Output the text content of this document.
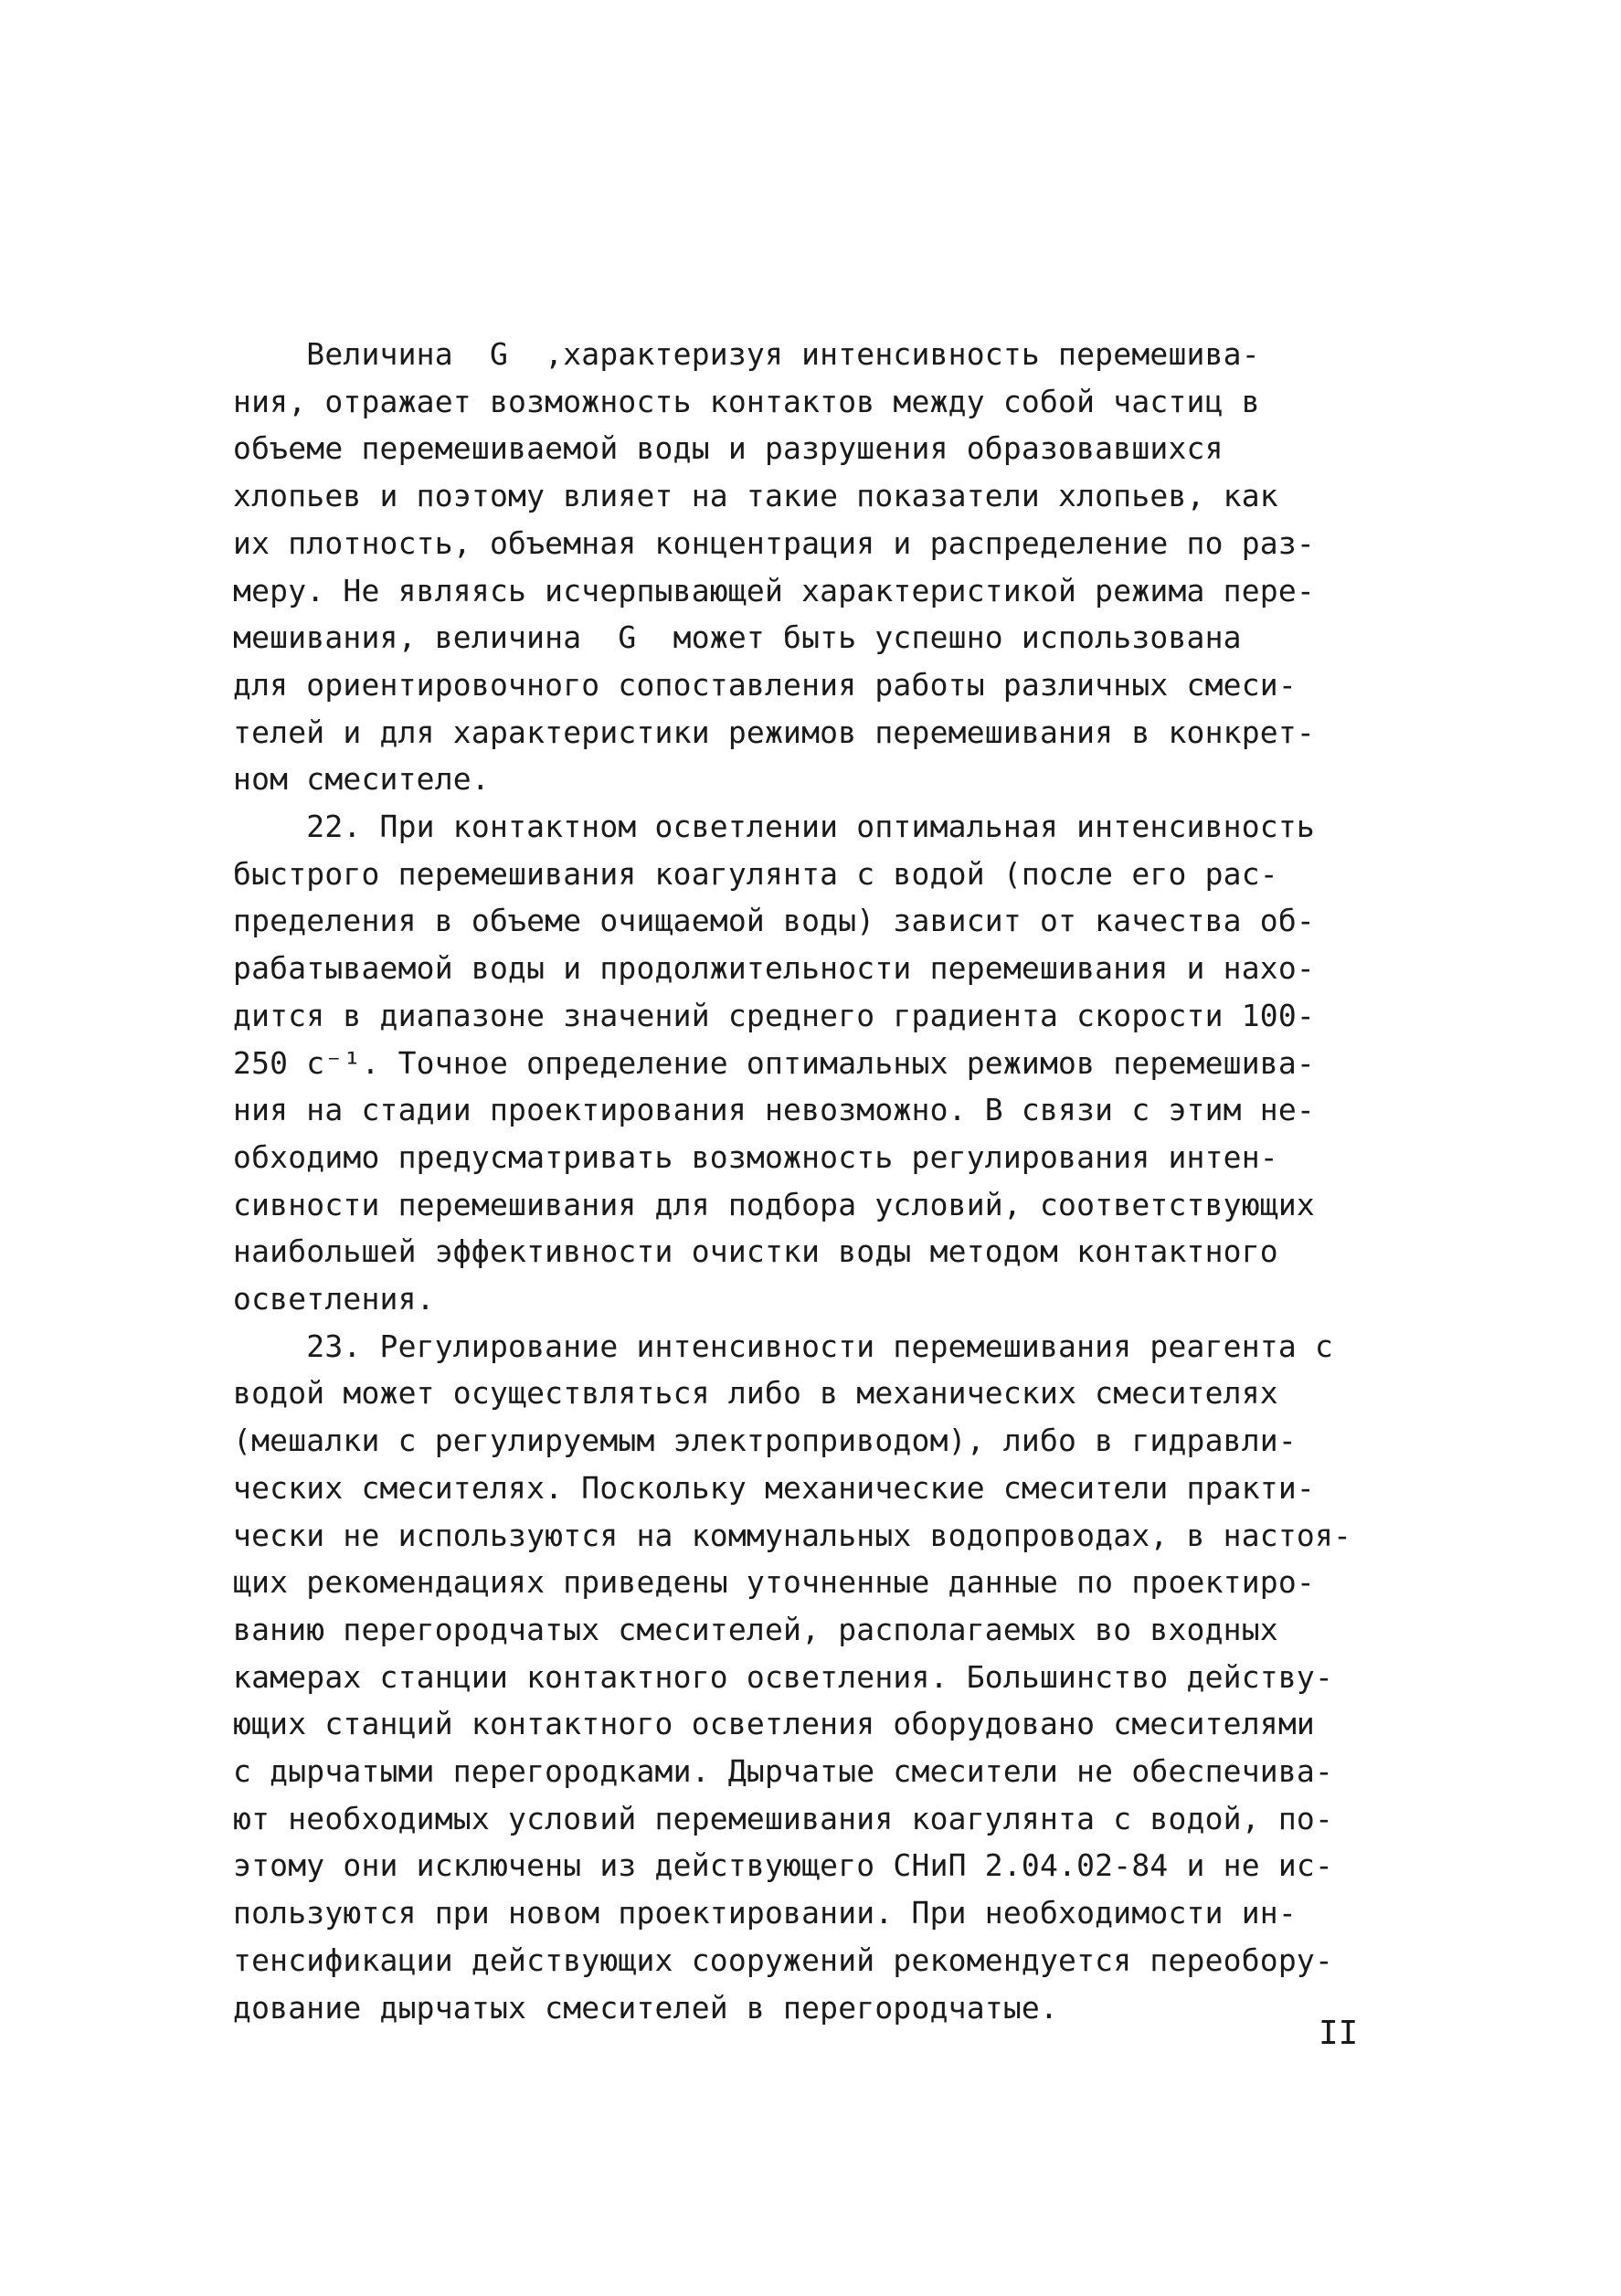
Величина  G  ,характеризуя интенсивность перемешива-
ния, отражает возможность контактов между собой частиц в
объеме перемешиваемой воды и разрушения образовавшихся
хлопьев и поэтому влияет на такие показатели хлопьев, как
их плотность, объемная концентрация и распределение по раз-
меру. Не являясь исчерпывающей характеристикой режима пере-
мешивания, величина  G  может быть успешно использована
для ориентировочного сопоставления работы различных смеси-
телей и для характеристики режимов перемешивания в конкрет-
ном смесителе.
22. При контактном осветлении оптимальная интенсивность
быстрого перемешивания коагулянта с водой (после его рас-
пределения в объеме очищаемой воды) зависит от качества об-
рабатываемой воды и продолжительности перемешивания и нахо-
дится в диапазоне значений среднего градиента скорости 100-
250 с⁻¹. Точное определение оптимальных режимов перемешива-
ния на стадии проектирования невозможно. В связи с этим не-
обходимо предусматривать возможность регулирования интен-
сивности перемешивания для подбора условий, соответствующих
наибольшей эффективности очистки воды методом контактного
осветления.
23. Регулирование интенсивности перемешивания реагента с
водой может осуществляться либо в механических смесителях
(мешалки с регулируемым электроприводом), либо в гидравли-
ческих смесителях. Поскольку механические смесители практи-
чески не используются на коммунальных водопроводах, в настоя-
щих рекомендациях приведены уточненные данные по проектиро-
ванию перегородчатых смесителей, располагаемых во входных
камерах станции контактного осветления. Большинство действу-
ющих станций контактного осветления оборудовано смесителями
с дырчатыми перегородками. Дырчатые смесители не обеспечива-
ют необходимых условий перемешивания коагулянта с водой, по-
этому они исключены из действующего СНиП 2.04.02-84 и не ис-
пользуются при новом проектировании. При необходимости ин-
тенсификации действующих сооружений рекомендуется переобору-
дование дырчатых смесителей в перегородчатые.
II
